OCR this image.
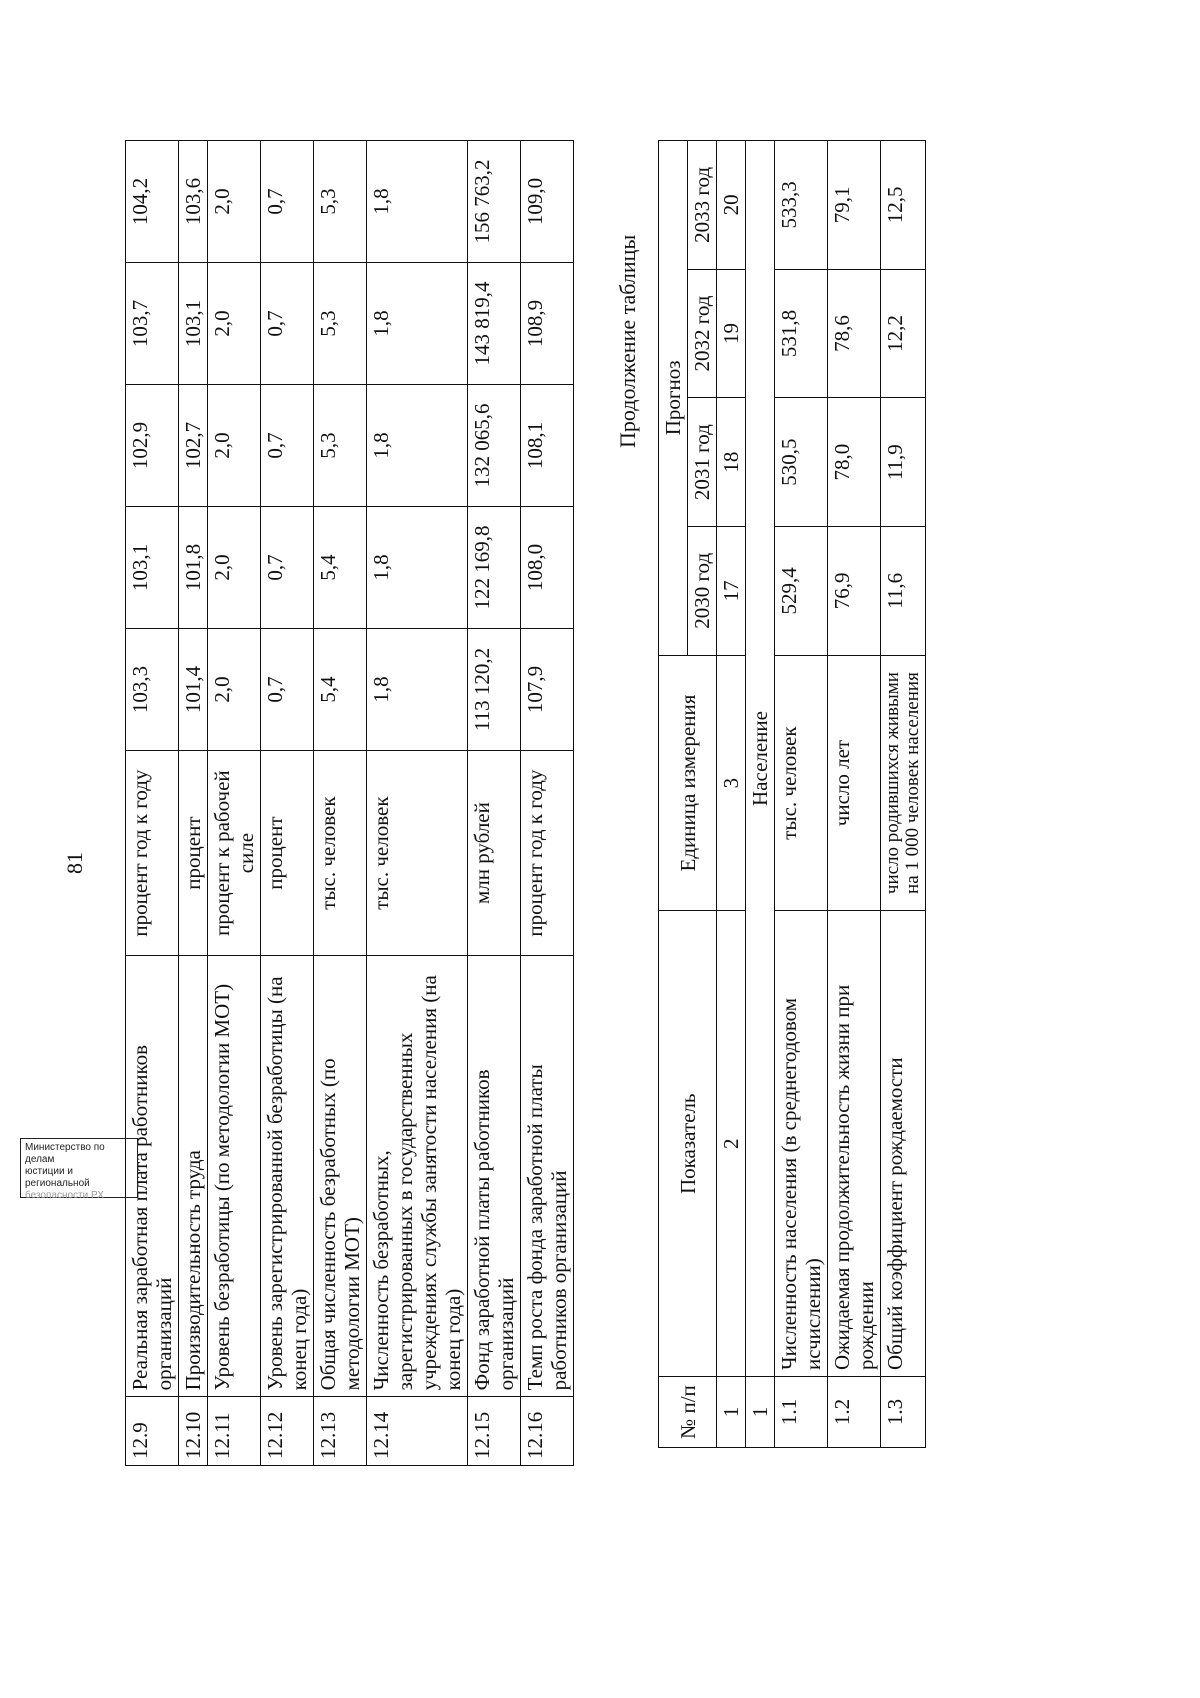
81
12.9	Реальная заработная плата работников организаций	процент год к году	103,3	103,1	102,9	103,7	104,2
12.10	Производительность труда	процент	101,4	101,8	102,7	103,1	103,6
12.11	Уровень безработицы (по методологии МОТ)	процент к рабочей силе	2,0	2,0	2,0	2,0	2,0
12.12	Уровень зарегистрированной безработицы (на конец года)	процент	0,7	0,7	0,7	0,7	0,7
12.13	Общая численность безработных (по методологии МОТ)	тыс. человек	5,4	5,4	5,3	5,3	5,3
12.14	Численность безработных, зарегистрированных в государственных учреждениях службы занятости населения (на конец года)	тыс. человек	1,8	1,8	1,8	1,8	1,8
12.15	Фонд заработной платы работников организаций	млн рублей	113 120,2	122 169,8	132 065,6	143 819,4	156 763,2
12.16	Темп роста фонда заработной платы работников организаций	процент год к году	107,9	108,0	108,1	108,9	109,0
Продолжение таблицы
№ п/п	Показатель	Единица измерения	Прогноз			
			2030 год	2031 год	2032 год	2033 год
1	2	3	17	18	19	20
1	Население					
1.1	Численность населения (в среднегодовом исчислении)	тыс. человек	529,4	530,5	531,8	533,3
1.2	Ожидаемая продолжительность жизни при рождении	число лет	76,9	78,0	78,6	79,1
1.3	Общий коэффициент рождаемости	число родившихся живыми на 1 000 человек населения	11,6	11,9	12,2	12,5
Министерство по делам
юстиции и региональной
безопасности РХ
